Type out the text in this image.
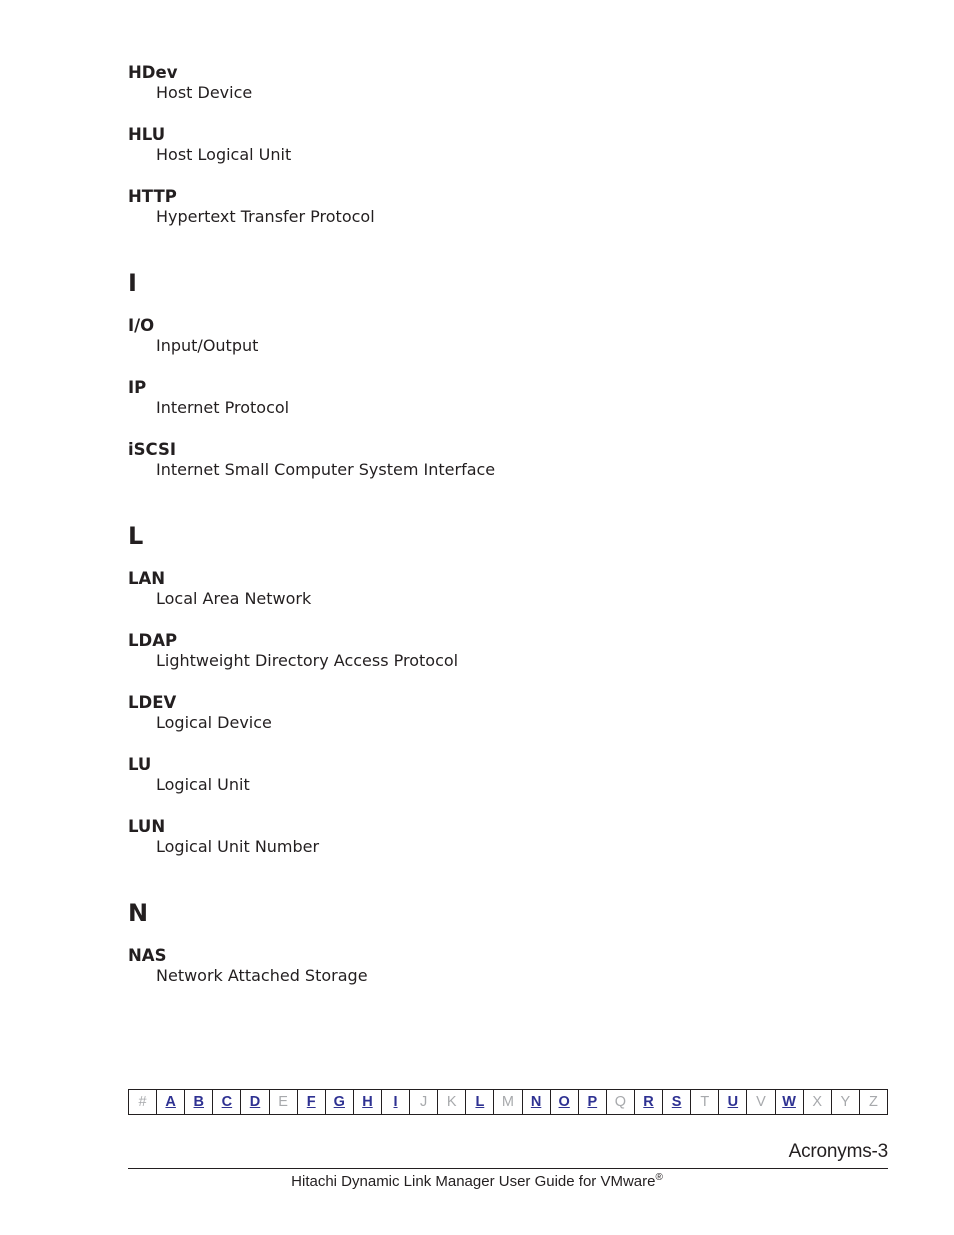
HDev
Host Device
HLU
Host Logical Unit
HTTP
Hypertext Transfer Protocol
I
I/O
Input/Output
IP
Internet Protocol
iSCSI
Internet Small Computer System Interface
L
LAN
Local Area Network
LDAP
Lightweight Directory Access Protocol
LDEV
Logical Device
LU
Logical Unit
LUN
Logical Unit Number
N
NAS
Network Attached Storage
#	A	B	C	D	E	F	G	H	I	J	K	L	M	N	O	P	Q	R	S	T	U	V	W	X	Y	Z
Acronyms-3
Hitachi Dynamic Link Manager User Guide for VMware®
